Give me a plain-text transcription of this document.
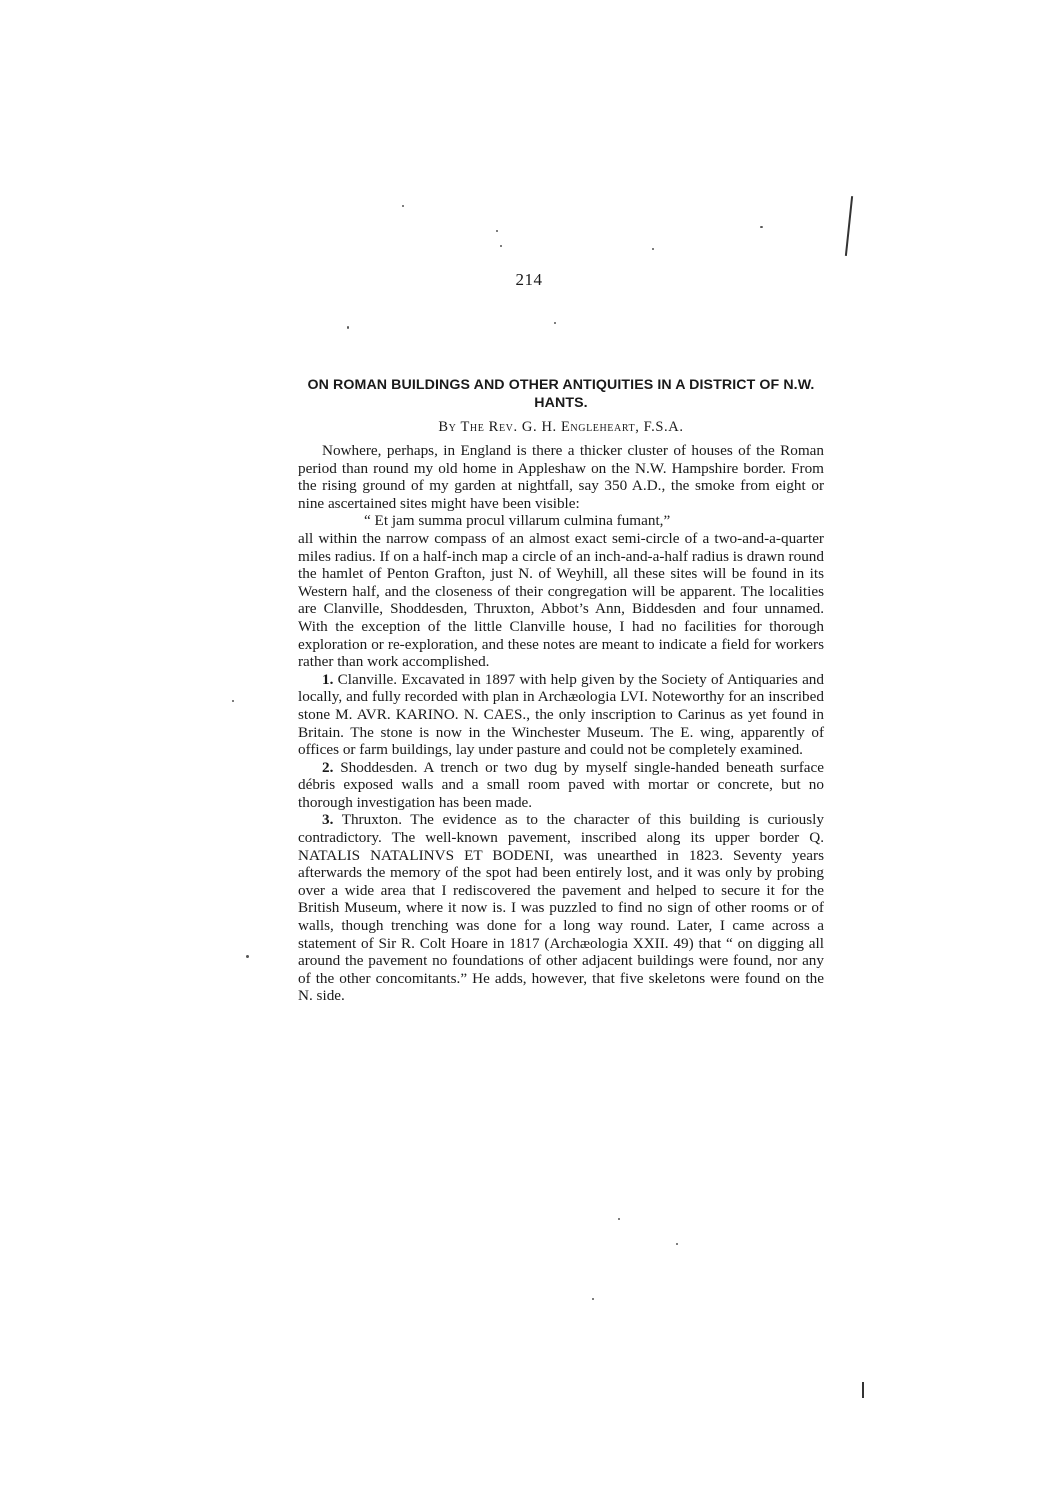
214
ON ROMAN BUILDINGS AND OTHER ANTIQUITIES IN A DISTRICT OF N.W. HANTS.
By The Rev. G. H. Engleheart, F.S.A.

Nowhere, perhaps, in England is there a thicker cluster of houses of the Roman period than round my old home in Appleshaw on the N.W. Hampshire border. From the rising ground of my garden at nightfall, say 350 A.D., the smoke from eight or nine ascertained sites might have been visible:

“ Et jam summa procul villarum culmina fumant,”

all within the narrow compass of an almost exact semi-circle of a two-and-a-quarter miles radius. If on a half-inch map a circle of an inch-and-a-half radius is drawn round the hamlet of Penton Grafton, just N. of Weyhill, all these sites will be found in its Western half, and the closeness of their congregation will be apparent. The localities are Clanville, Shoddesden, Thruxton, Abbot’s Ann, Biddesden and four unnamed. With the exception of the little Clanville house, I had no facilities for thorough exploration or re-exploration, and these notes are meant to indicate a field for workers rather than work accomplished.

1. Clanville. Excavated in 1897 with help given by the Society of Antiquaries and locally, and fully recorded with plan in Archæologia LVI. Noteworthy for an inscribed stone M. AVR. KARINO. N. CAES., the only inscription to Carinus as yet found in Britain. The stone is now in the Winchester Museum. The E. wing, apparently of offices or farm buildings, lay under pasture and could not be completely examined.

2. Shoddesden. A trench or two dug by myself single-handed beneath surface débris exposed walls and a small room paved with mortar or concrete, but no thorough investigation has been made.

3. Thruxton. The evidence as to the character of this building is curiously contradictory. The well-known pavement, inscribed along its upper border Q. NATALIS NATALINVS ET BODENI, was unearthed in 1823. Seventy years afterwards the memory of the spot had been entirely lost, and it was only by probing over a wide area that I rediscovered the pavement and helped to secure it for the British Museum, where it now is. I was puzzled to find no sign of other rooms or of walls, though trenching was done for a long way round. Later, I came across a statement of Sir R. Colt Hoare in 1817 (Archæologia XXII. 49) that “ on digging all around the pavement no foundations of other adjacent buildings were found, nor any of the other concomitants.” He adds, however, that five skeletons were found on the N. side.
